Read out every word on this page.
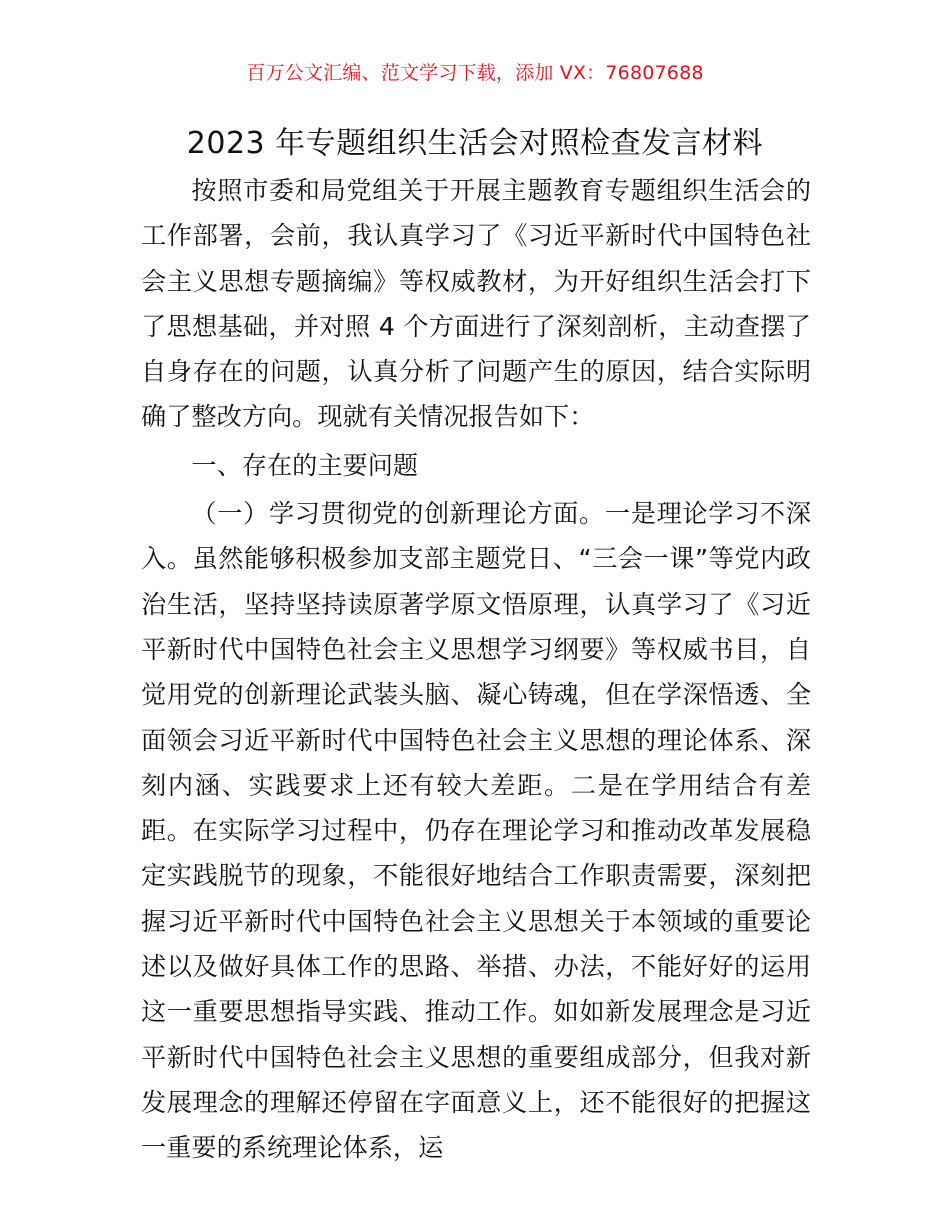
百万公文汇编、范文学习下载，添加 VX：76807688
2023 年专题组织生活会对照检查发言材料

按照市委和局党组关于开展主题教育专题组织生活会的工作部署，会前，我认真学习了《习近平新时代中国特色社会主义思想专题摘编》等权威教材，为开好组织生活会打下了思想基础，并对照 4 个方面进行了深刻剖析，主动查摆了自身存在的问题，认真分析了问题产生的原因，结合实际明确了整改方向。现就有关情况报告如下：

一、存在的主要问题

（一）学习贯彻党的创新理论方面。一是理论学习不深入。虽然能够积极参加支部主题党日、“三会一课”等党内政治生活，坚持坚持读原著学原文悟原理，认真学习了《习近平新时代中国特色社会主义思想学习纲要》等权威书目，自觉用党的创新理论武装头脑、凝心铸魂，但在学深悟透、全面领会习近平新时代中国特色社会主义思想的理论体系、深刻内涵、实践要求上还有较大差距。二是在学用结合有差距。在实际学习过程中，仍存在理论学习和推动改革发展稳定实践脱节的现象，不能很好地结合工作职责需要，深刻把握习近平新时代中国特色社会主义思想关于本领域的重要论述以及做好具体工作的思路、举措、办法，不能好好的运用这一重要思想指导实践、推动工作。如如新发展理念是习近平新时代中国特色社会主义思想的重要组成部分，但我对新发展理念的理解还停留在字面意义上，还不能很好的把握这一重要的系统理论体系，运
